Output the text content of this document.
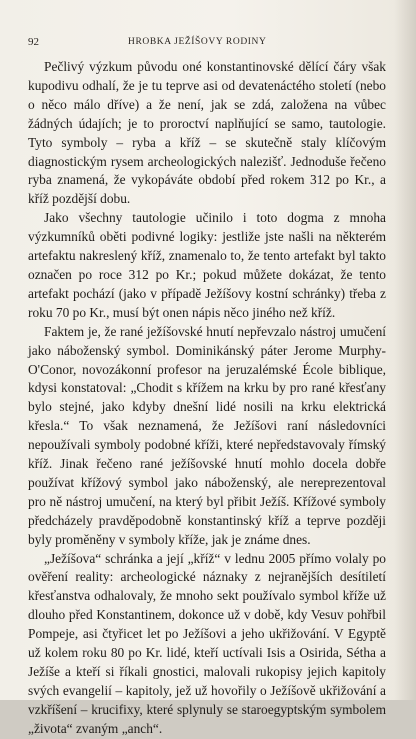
92	HROBKA JEŽÍŠOVY RODINY

Pečlivý výzkum původu oné konstantinovské dělící čáry však kupodivu odhalí, že je tu teprve asi od devatenáctého století (nebo o něco málo dříve) a že není, jak se zdá, založena na vůbec žádných údajích; je to proroctví naplňující se samo, tautologie. Tyto symboly – ryba a kříž – se skutečně staly klíčovým diagnostickým rysem archeologických nalezišť. Jednoduše řečeno ryba znamená, že vykopáváte období před rokem 312 po Kr., a kříž pozdější dobu.

Jako všechny tautologie učinilo i toto dogma z mnoha výzkumníků oběti podivné logiky: jestliže jste našli na některém artefaktu nakreslený kříž, znamenalo to, že tento artefakt byl takto označen po roce 312 po Kr.; pokud můžete dokázat, že tento artefakt pochází (jako v případě Ježíšovy kostní schránky) třeba z roku 70 po Kr., musí být onen nápis něco jiného než kříž.

Faktem je, že rané ježíšovské hnutí nepřevzalo nástroj umučení jako náboženský symbol. Dominikánský páter Jerome Murphy-O'Conor, novozákonní profesor na jeruzalémské École biblique, kdysi konstatoval: „Chodit s křížem na krku by pro rané křesťany bylo stejné, jako kdyby dnešní lidé nosili na krku elektrická křesla.“ To však neznamená, že Ježíšovi raní následovníci nepoužívali symboly podobné kříži, které nepředstavovaly římský kříž. Jinak řečeno rané ježíšovské hnutí mohlo docela dobře používat křížový symbol jako náboženský, ale nereprezentoval pro ně nástroj umučení, na který byl přibit Ježíš. Křížové symboly předcházely pravděpodobně konstantinský kříž a teprve později byly proměněny v symboly kříže, jak je známe dnes.

„Ježíšova“ schránka a její „kříž“ v lednu 2005 přímo volaly po ověření reality: archeologické náznaky z nejranějších desítiletí křesťanstva odhalovaly, že mnoho sekt používalo symbol kříže už dlouho před Konstantinem, dokonce už v době, kdy Vesuv pohřbil Pompeje, asi čtyřicet let po Ježíšovi a jeho ukřižování. V Egyptě už kolem roku 80 po Kr. lidé, kteří uctívali Isis a Osirida, Sétha a Ježíše a kteří si říkali gnostici, malovali rukopisy jejich kapitoly svých evangelií – kapitoly, jež už hovořily o Ježíšově ukřižování a vzkříšení – krucifixy, které splynuly se staroegyptským symbolem „života“ zvaným „anch“.
